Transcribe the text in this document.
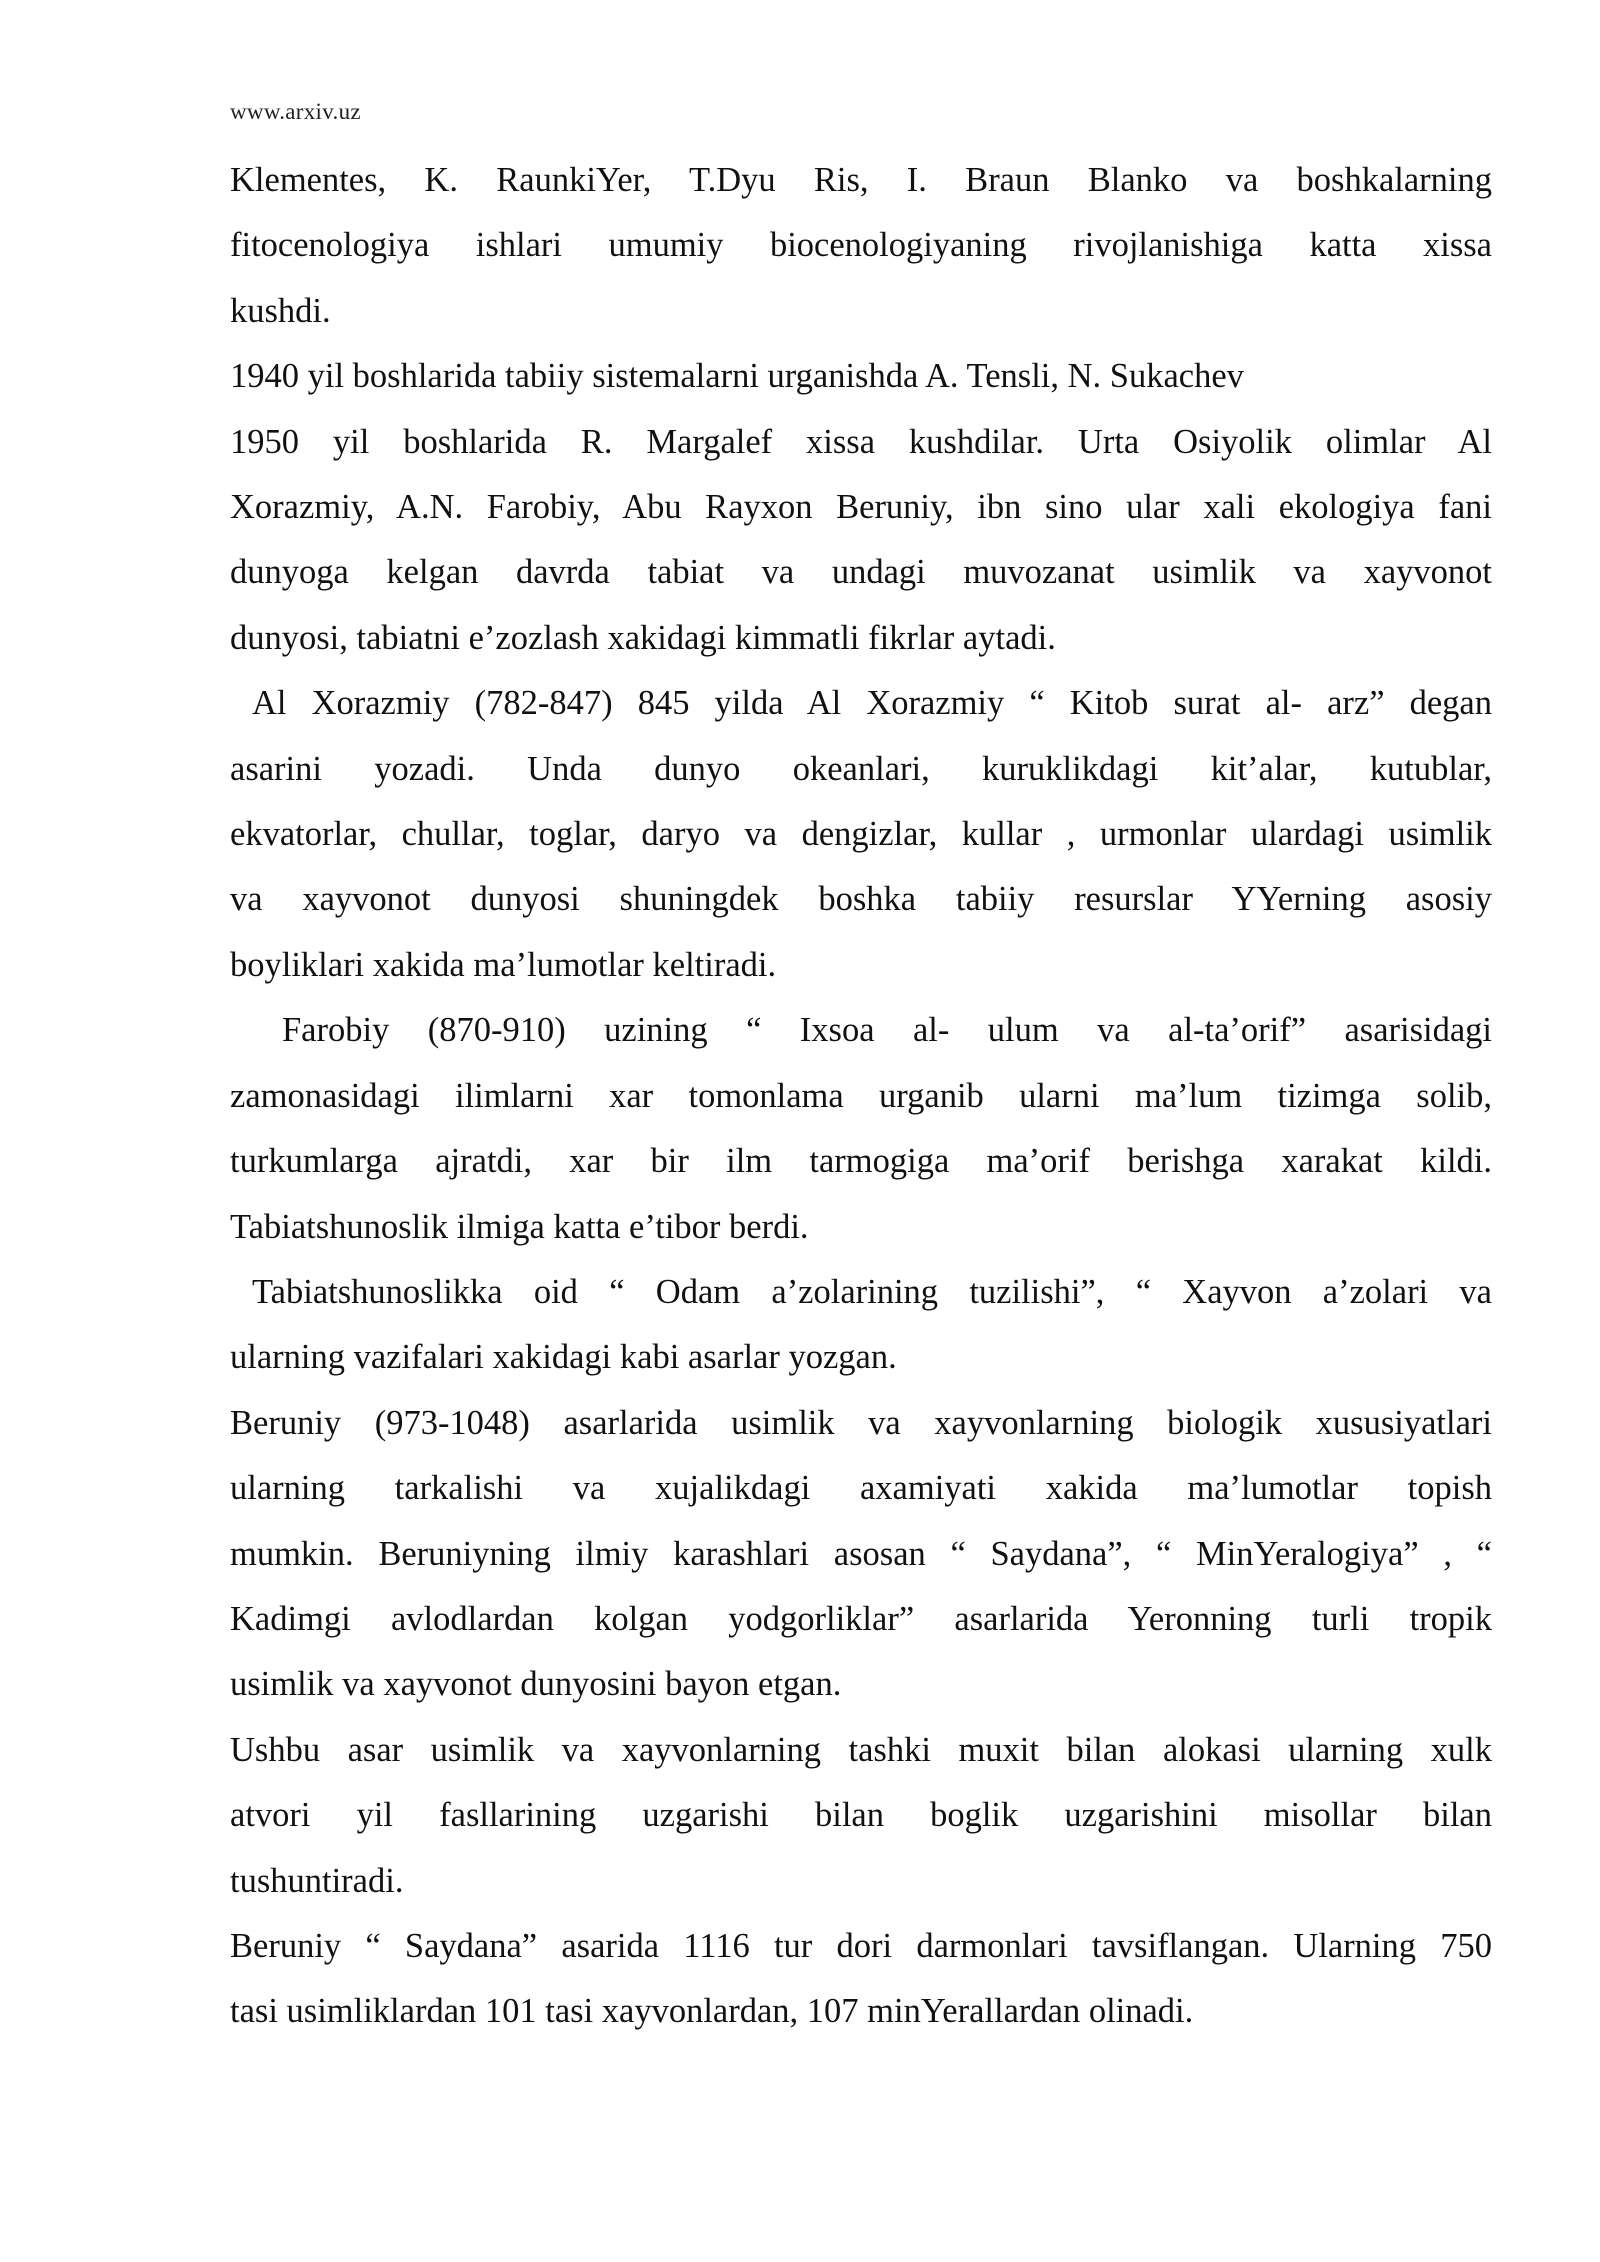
www.arxiv.uz
Klementes, K. RaunkiYer, T.Dyu Ris, I. Braun Blanko va boshkalarning
fitocenologiya ishlari umumiy biocenologiyaning rivojlanishiga katta xissa
kushdi.
1940 yil boshlarida tabiiy sistemalarni urganishda A. Tensli, N. Sukachev
1950 yil boshlarida R. Margalef xissa kushdilar. Urta Osiyolik olimlar Al
Xorazmiy, A.N. Farobiy, Abu Rayxon Beruniy, ibn sino ular xali ekologiya fani
dunyoga kelgan davrda tabiat va undagi muvozanat usimlik va xayvonot
dunyosi, tabiatni e’zozlash xakidagi kimmatli fikrlar aytadi.
Al Xorazmiy (782-847) 845 yilda Al Xorazmiy “ Kitob surat al- arz” degan
asarini yozadi. Unda dunyo okeanlari, kuruklikdagi kit’alar, kutublar,
ekvatorlar, chullar, toglar, daryo va dengizlar, kullar , urmonlar ulardagi usimlik
va xayvonot dunyosi shuningdek boshka tabiiy resurslar YYerning asosiy
boyliklari xakida ma’lumotlar keltiradi.
Farobiy (870-910) uzining “ Ixsoa al- ulum va al-ta’orif” asarisidagi
zamonasidagi ilimlarni xar tomonlama urganib ularni ma’lum tizimga solib,
turkumlarga ajratdi, xar bir ilm tarmogiga ma’orif berishga xarakat kildi.
Tabiatshunoslik ilmiga katta e’tibor berdi.
Tabiatshunoslikka oid “ Odam a’zolarining tuzilishi”, “ Xayvon a’zolari va
ularning vazifalari xakidagi kabi asarlar yozgan.
Beruniy (973-1048) asarlarida usimlik va xayvonlarning biologik xususiyatlari
ularning tarkalishi va xujalikdagi axamiyati xakida ma’lumotlar topish
mumkin. Beruniyning ilmiy karashlari asosan “ Saydana”, “ MinYeralogiya” , “
Kadimgi avlodlardan kolgan yodgorliklar” asarlarida Yeronning turli tropik
usimlik va xayvonot dunyosini bayon etgan.
Ushbu asar usimlik va xayvonlarning tashki muxit bilan alokasi ularning xulk
atvori yil fasllarining uzgarishi bilan boglik uzgarishini misollar bilan
tushuntiradi.
Beruniy “ Saydana” asarida 1116 tur dori darmonlari tavsiflangan. Ularning 750
tasi usimliklardan 101 tasi xayvonlardan, 107 minYerallardan olinadi.
